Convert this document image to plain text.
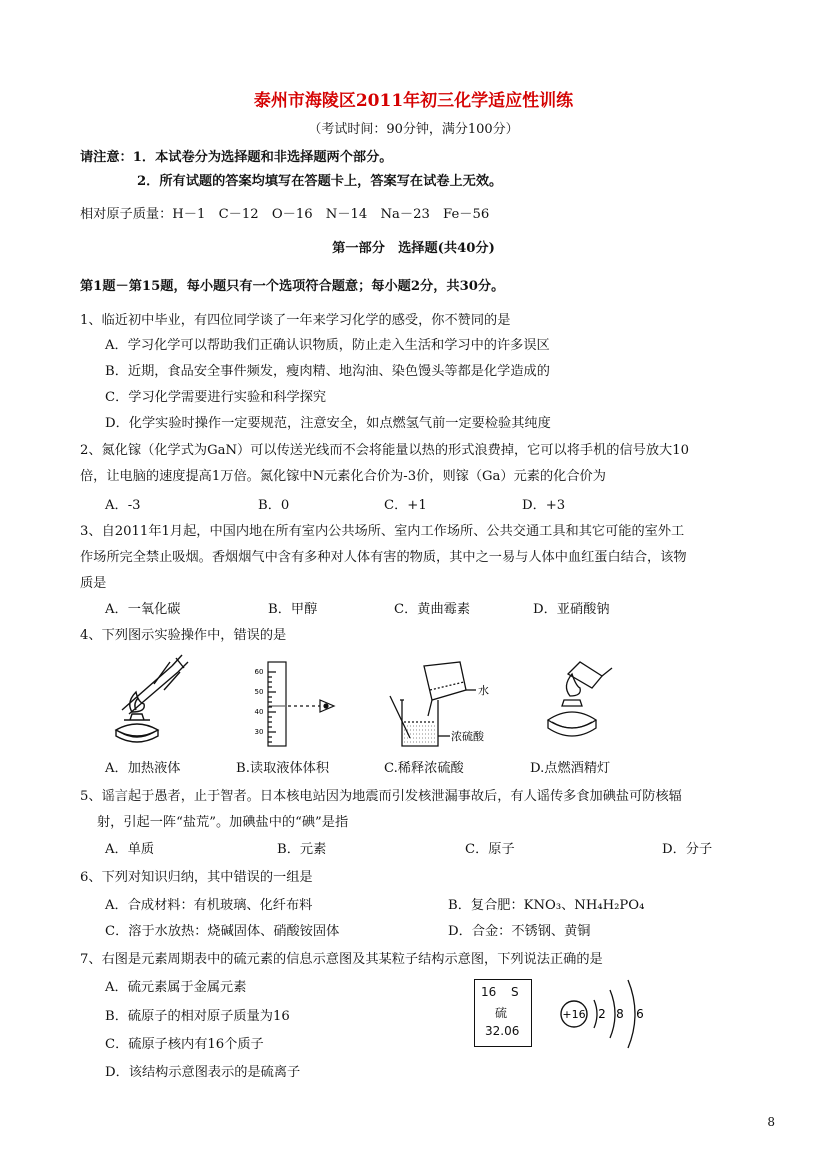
泰州市海陵区2011年初三化学适应性训练
（考试时间：90分钟，满分100分）
请注意：1．本试卷分为选择题和非选择题两个部分。
2．所有试题的答案均填写在答题卡上，答案写在试卷上无效。
相对原子质量：H－1　C－12　O－16　N－14　Na－23　Fe－56
第一部分　选择题(共40分)
第1题－第15题，每小题只有一个选项符合题意；每小题2分，共30分。
1、临近初中毕业，有四位同学谈了一年来学习化学的感受，你不赞同的是
A．学习化学可以帮助我们正确认识物质，防止走入生活和学习中的许多误区
B．近期，食品安全事件频发，瘦肉精、地沟油、染色馒头等都是化学造成的
C．学习化学需要进行实验和科学探究
D．化学实验时操作一定要规范，注意安全，如点燃氢气前一定要检验其纯度
2、氮化镓（化学式为GaN）可以传送光线而不会将能量以热的形式浪费掉，它可以将手机的信号放大10
倍，让电脑的速度提高1万倍。氮化镓中N元素化合价为-3价，则镓（Ga）元素的化合价为
A．-3	B．0	C．+1	D．+3
3、自2011年1月起，中国内地在所有室内公共场所、室内工作场所、公共交通工具和其它可能的室外工
作场所完全禁止吸烟。香烟烟气中含有多种对人体有害的物质，其中之一易与人体中血红蛋白结合，该物
质是
A．一氧化碳	B．甲醇	C．黄曲霉素	D．亚硝酸钠
4、下列图示实验操作中，错误的是
A．加热液体
60
50
40
30
B.读取液体体积
水
浓硫酸
C.稀释浓硫酸	D.点燃酒精灯
5、谣言起于愚者，止于智者。日本核电站因为地震而引发核泄漏事故后，有人谣传多食加碘盐可防核辐
射，引起一阵“盐荒”。加碘盐中的“碘”是指
A．单质	B．元素	C．原子	D．分子
6、下列对知识归纳，其中错误的一组是
A．合成材料：有机玻璃、化纤布料	B．复合肥：KNO₃、NH₄H₂PO₄
C．溶于水放热：烧碱固体、硝酸铵固体	D．合金：不锈钢、黄铜
7、右图是元素周期表中的硫元素的信息示意图及其某粒子结构示意图，下列说法正确的是
A．硫元素属于金属元素
B．硫原子的相对原子质量为16
C．硫原子核内有16个质子
D．该结构示意图表示的是硫离子
16 S
硫
32.06
+16 2 8 6
8
